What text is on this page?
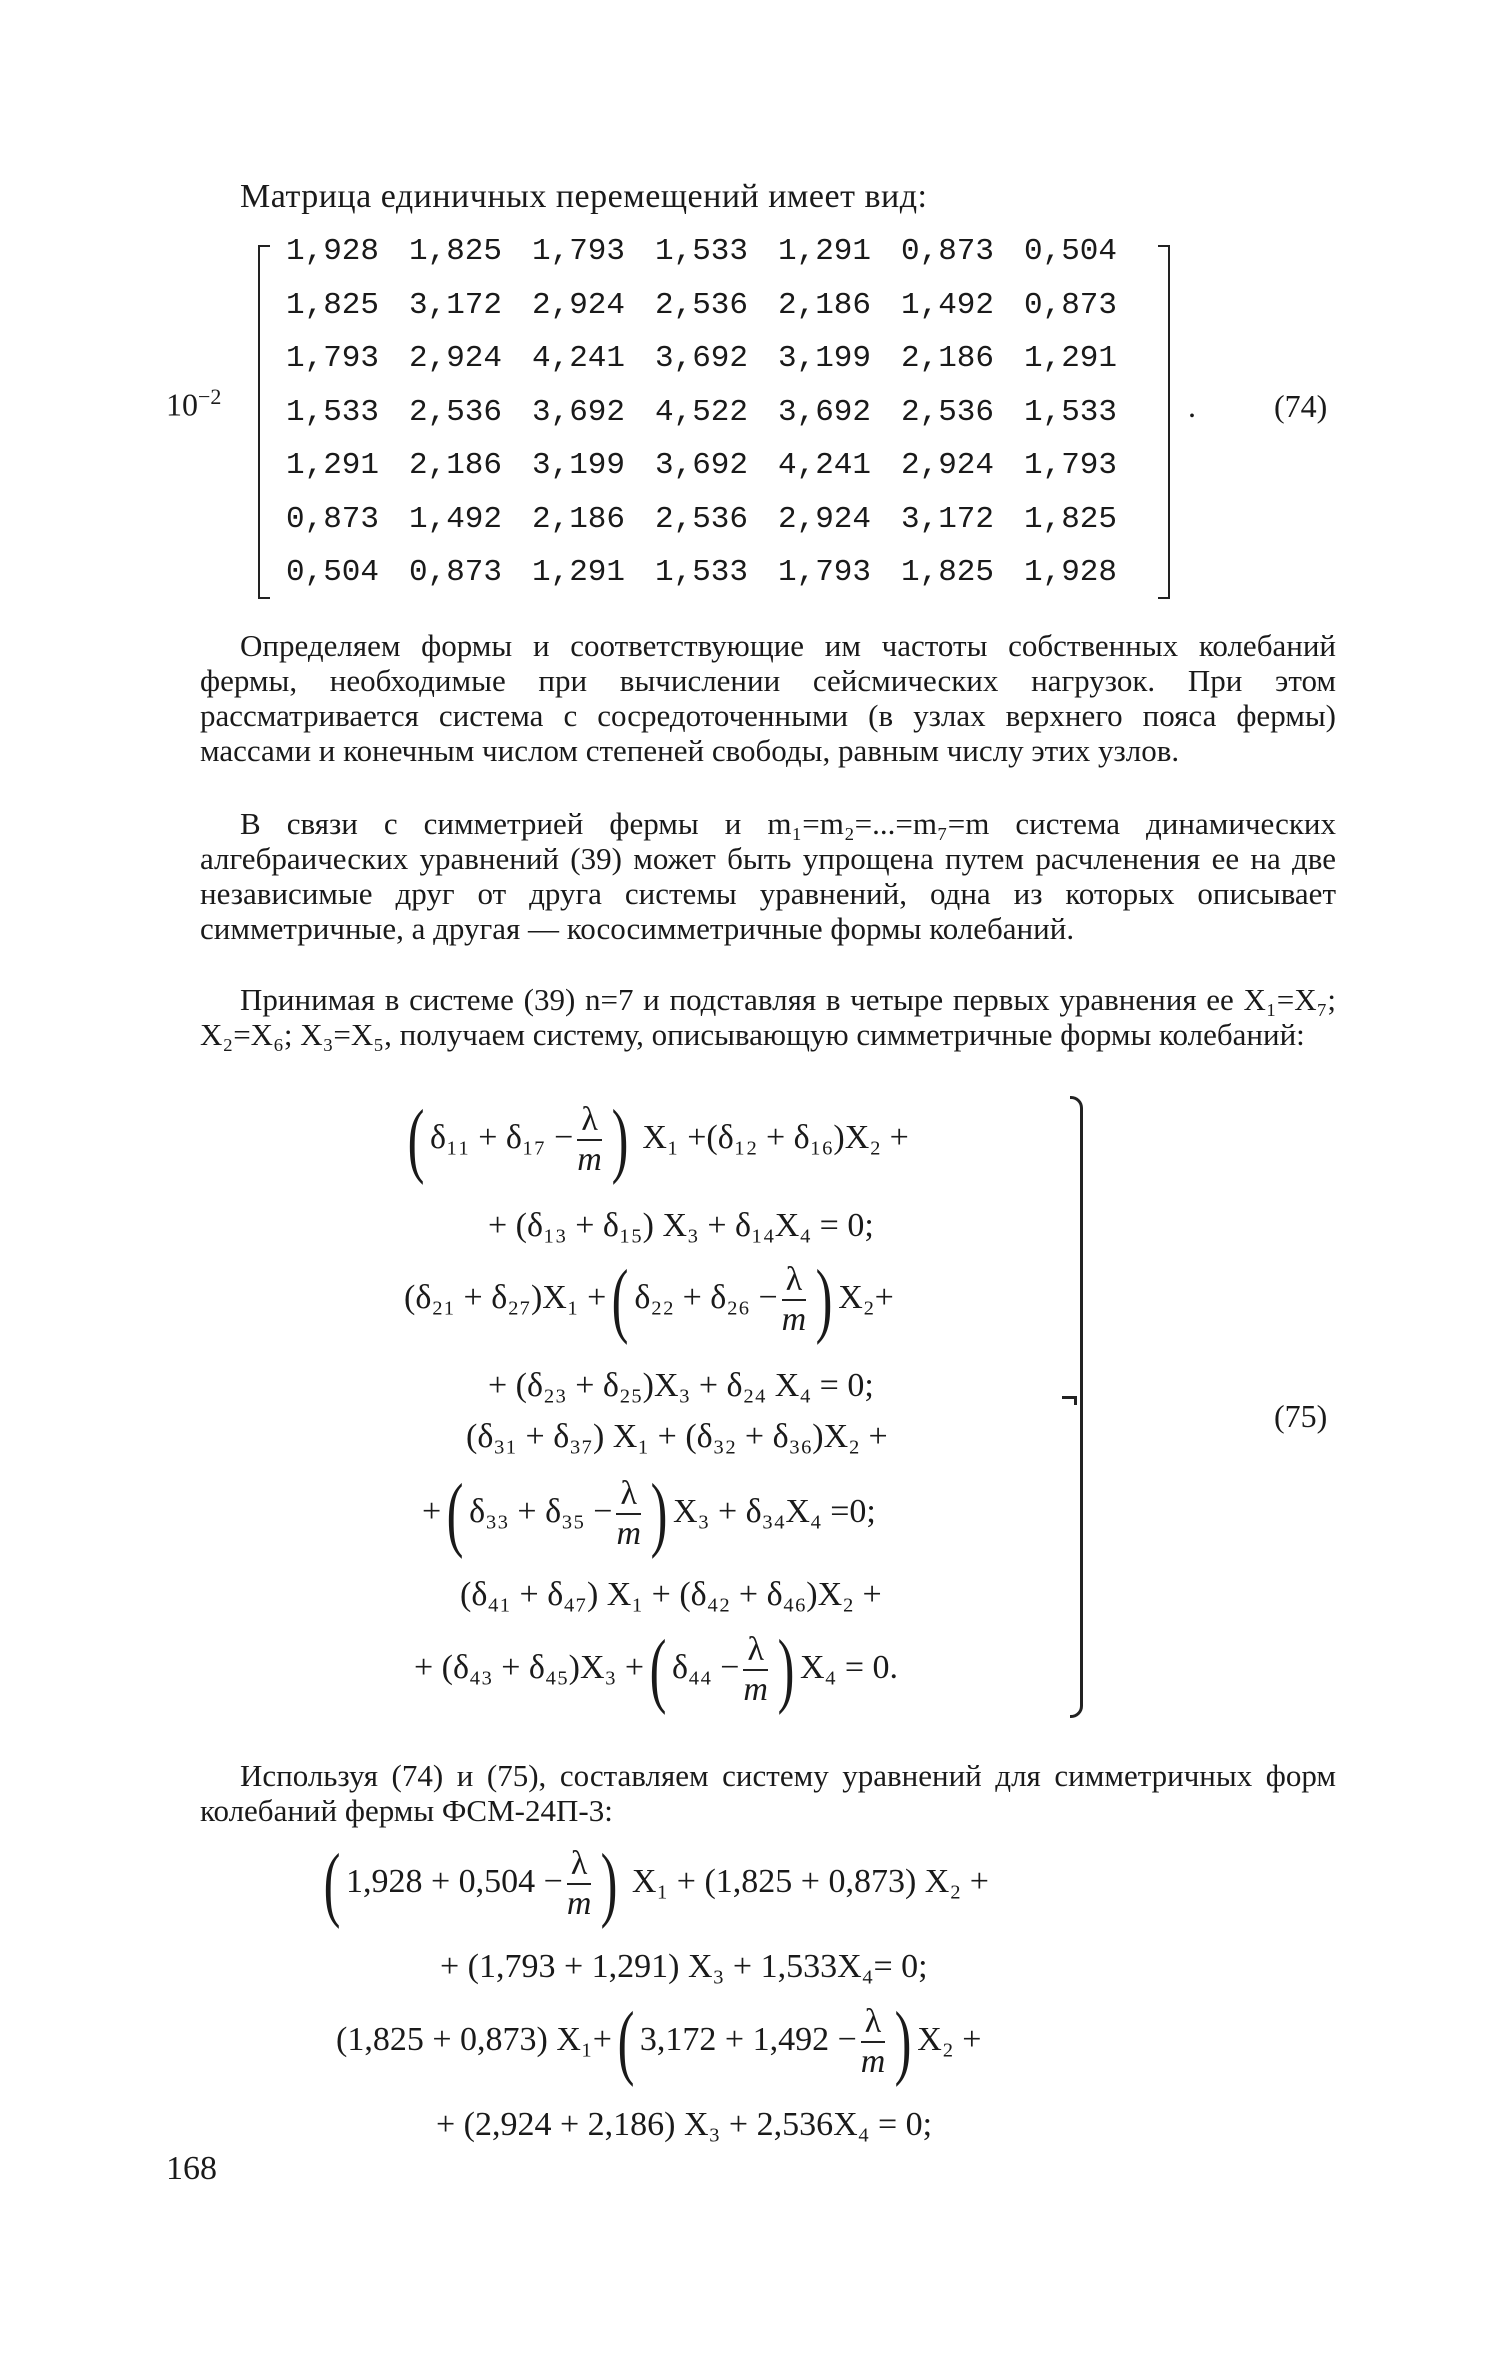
Матрица единичных перемещений имеет вид:
$10^{-2}$
1,928 1,825 1,793 1,533 1,291 0,873 0,504
1,825 3,172 2,924 2,536 2,186 1,492 0,873
1,793 2,924 4,241 3,692 3,199 2,186 1,291
1,533 2,536 3,692 4,522 3,692 2,536 1,533
1,291 2,186 3,199 3,692 4,241 2,924 1,793
0,873 1,492 2,186 2,536 2,924 3,172 1,825
0,504 0,873 1,291 1,533 1,793 1,825 1,928
. (74)
Определяем формы и соответствующие им частоты собственных колебаний фермы, необходимые при вычислении сейсмических нагрузок. При этом рассматривается система с сосредоточенными (в узлах верхнего пояса фермы) массами и конечным числом степеней свободы, равным числу этих узлов.
В связи с симметрией фермы и m₁=m₂=...=m₇=m система динамических алгебраических уравнений (39) может быть упрощена путем расчленения ее на две независимые друг от друга системы уравнений, одна из которых описывает симметричные, а другая — кососимметричные формы колебаний.
Принимая в системе (39) n=7 и подставляя в четыре первых уравнения ее X₁=X₇; X₂=X₆; X₃=X₅, получаем систему, описывающую симметричные формы колебаний:
( $\delta_{11} + \delta_{17} - \frac{\lambda}{m}$ ) X₁ +(δ₁₂ + δ₁₆)X₂ +
+ (δ₁₃ + δ₁₅) X₃ + δ₁₄X₄ = 0;
(δ₂₁ + δ₂₇)X₁ +( $\delta_{22} + \delta_{26} - \frac{\lambda}{m}$ ) X₂+
+ (δ₂₃ + δ₂₅)X₃ + δ₂₄ X₄ = 0;
(δ₃₁ + δ₃₇) X₁ + (δ₃₂ + δ₃₆)X₂ +
+( $\delta_{33} + \delta_{35} - \frac{\lambda}{m}$ ) X₃ + δ₃₄X₄ =0;
(δ₄₁ + δ₄₇) X₁ + (δ₄₂ + δ₄₆)X₂ +
+ (δ₄₃ + δ₄₅)X₃ +( $\delta_{44} - \frac{\lambda}{m}$ ) X₄ = 0.
(75)
Используя (74) и (75), составляем систему уравнений для симметричных форм колебаний фермы ФСМ-24П-3:
( $1,928 + 0,504 - \frac{\lambda}{m}$ ) X₁ + (1,825 + 0,873) X₂ +
+ (1,793 + 1,291) X₃ + 1,533X₄= 0;
(1,825 + 0,873) X₁+( $3,172 + 1,492 - \frac{\lambda}{m}$ ) X₂ +
+ (2,924 + 2,186) X₃ + 2,536X₄ = 0;
168
